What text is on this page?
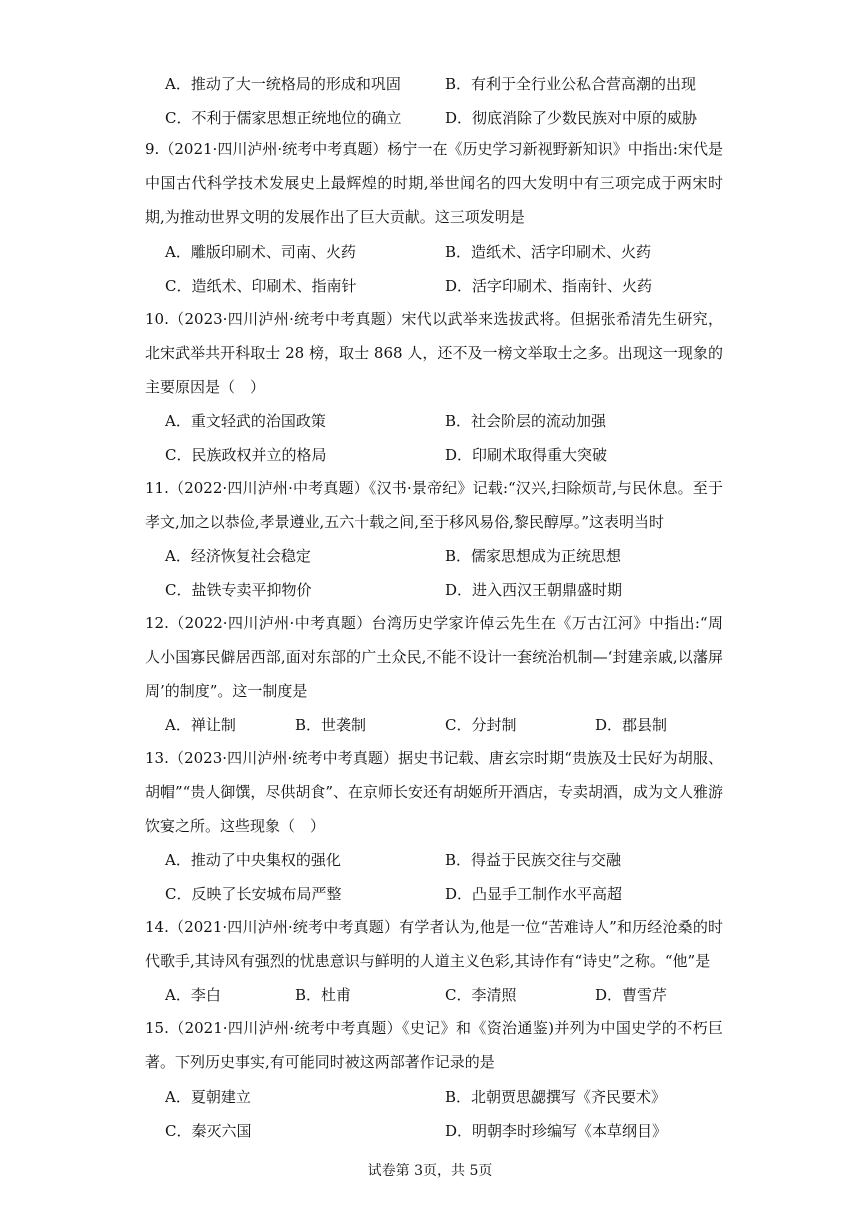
A．推动了大一统格局的形成和巩固	B．有利于全行业公私合营高潮的出现
C．不利于儒家思想正统地位的确立	D．彻底消除了少数民族对中原的威胁
9.（2021·四川泸州·统考中考真题）杨宁一在《历史学习新视野新知识》中指出:宋代是中国古代科学技术发展史上最辉煌的时期,举世闻名的四大发明中有三项完成于两宋时期,为推动世界文明的发展作出了巨大贡献。这三项发明是
A．雕版印刷术、司南、火药	B．造纸术、活字印刷术、火药
C．造纸术、印刷术、指南针	D．活字印刷术、指南针、火药
10.（2023·四川泸州·统考中考真题）宋代以武举来选拔武将。但据张希清先生研究，北宋武举共开科取士 28 榜，取士 868 人，还不及一榜文举取士之多。出现这一现象的主要原因是（　）
A．重文轻武的治国政策	B．社会阶层的流动加强
C．民族政权并立的格局	D．印刷术取得重大突破
11.（2022·四川泸州·中考真题）《汉书·景帝纪》记载:“汉兴,扫除烦苛,与民休息。至于孝文,加之以恭俭,孝景遵业,五六十载之间,至于移风易俗,黎民醇厚。”这表明当时
A．经济恢复社会稳定	B．儒家思想成为正统思想
C．盐铁专卖平抑物价	D．进入西汉王朝鼎盛时期
12.（2022·四川泸州·中考真题）台湾历史学家许倬云先生在《万古江河》中指出:“周人小国寡民僻居西部,面对东部的广土众民,不能不设计一套统治机制—‘封建亲戚,以藩屏周’的制度”。这一制度是
A．禅让制	B．世袭制	C．分封制	D．郡县制
13.（2023·四川泸州·统考中考真题）据史书记载、唐玄宗时期“贵族及士民好为胡服、胡帽”“贵人御馔，尽供胡食”、在京师长安还有胡姬所开酒店，专卖胡酒，成为文人雅游饮宴之所。这些现象（　）
A．推动了中央集权的强化	B．得益于民族交往与交融
C．反映了长安城布局严整	D．凸显手工制作水平高超
14.（2021·四川泸州·统考中考真题）有学者认为,他是一位“苦难诗人”和历经沧桑的时代歌手,其诗风有强烈的忧患意识与鲜明的人道主义色彩,其诗作有“诗史”之称。“他”是
A．李白	B．杜甫	C．李清照	D．曹雪芹
15.（2021·四川泸州·统考中考真题）《史记》和《资治通鉴)并列为中国史学的不朽巨著。下列历史事实,有可能同时被这两部著作记录的是
A．夏朝建立	B．北朝贾思勰撰写《齐民要术》
C．秦灭六国	D．明朝李时珍编写《本草纲目》
试卷第 3页，共 5页
